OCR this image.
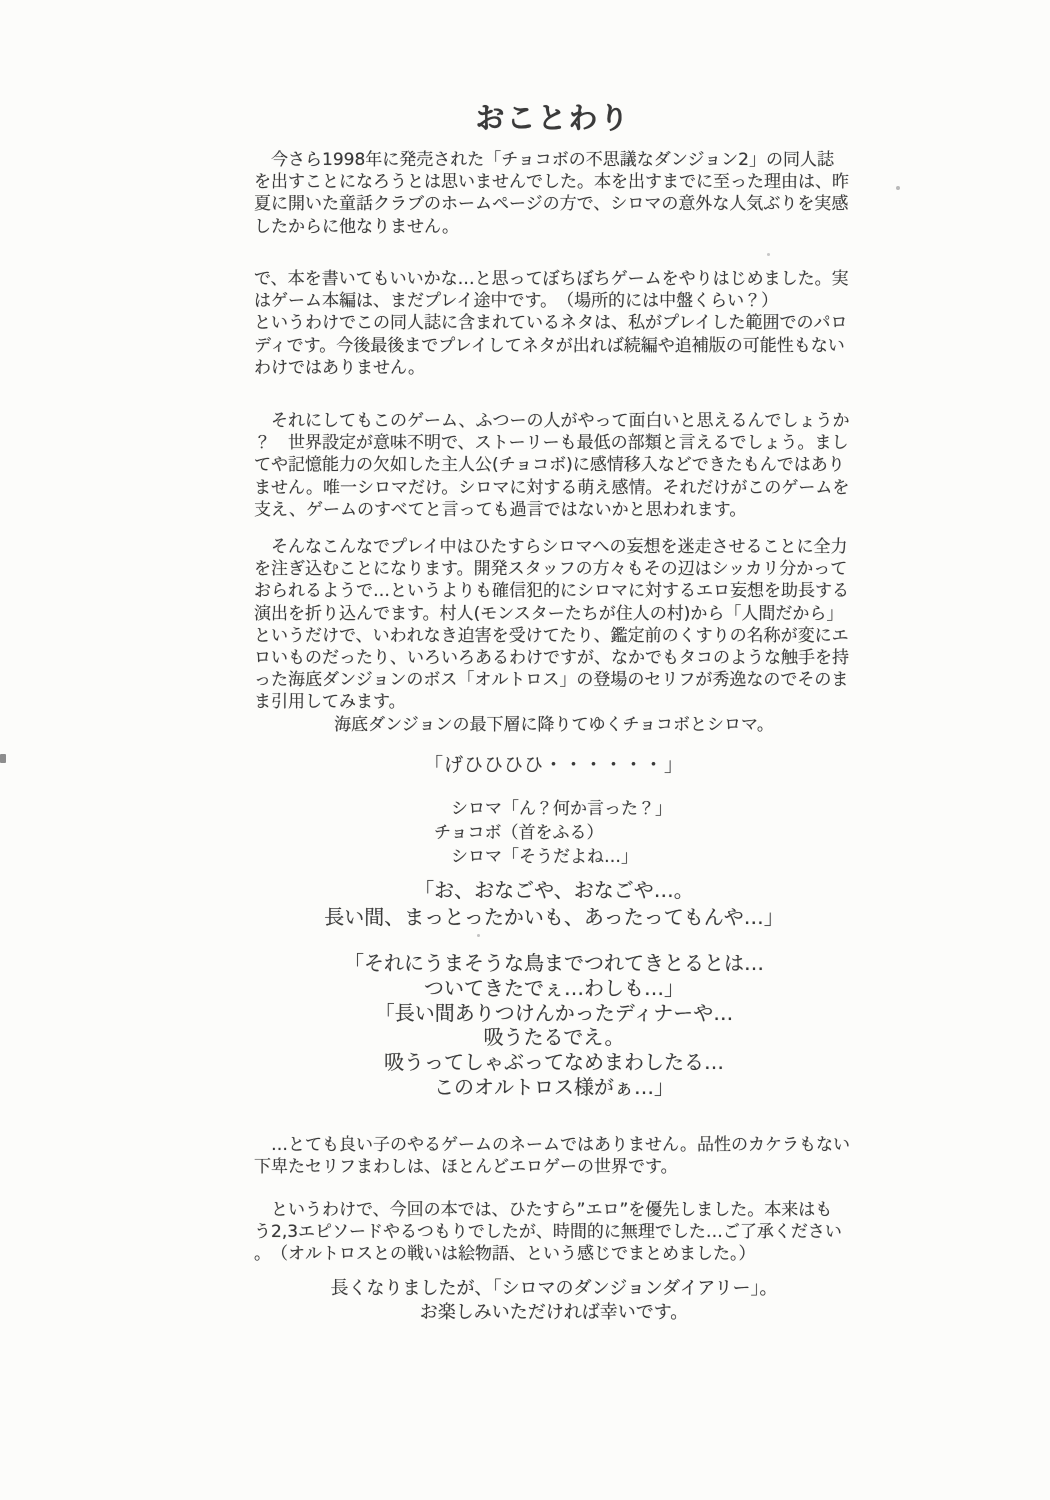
おことわり
　今さら1998年に発売された「チョコボの不思議なダンジョン2」の同人誌
を出すことになろうとは思いませんでした。本を出すまでに至った理由は、昨
夏に開いた童話クラブのホームページの方で、シロマの意外な人気ぶりを実感
したからに他なりません。
で、本を書いてもいいかな…と思ってぼちぼちゲームをやりはじめました。実
はゲーム本編は、まだプレイ途中です。　（場所的には中盤くらい？）
というわけでこの同人誌に含まれているネタは、私がプレイした範囲でのパロ
ディです。今後最後までプレイしてネタが出れば続編や追補版の可能性もない
わけではありません。
　それにしてもこのゲーム、ふつーの人がやって面白いと思えるんでしょうか
？　世界設定が意味不明で、ストーリーも最低の部類と言えるでしょう。まし
てや記憶能力の欠如した主人公(チョコボ)に感情移入などできたもんではあり
ません。唯一シロマだけ。シロマに対する萌え感情。それだけがこのゲームを
支え、ゲームのすべてと言っても過言ではないかと思われます。
　そんなこんなでプレイ中はひたすらシロマへの妄想を迷走させることに全力
を注ぎ込むことになります。開発スタッフの方々もその辺はシッカリ分かって
おられるようで…というよりも確信犯的にシロマに対するエロ妄想を助長する
演出を折り込んでます。村人(モンスターたちが住人の村)から「人間だから」
というだけで、いわれなき迫害を受けてたり、鑑定前のくすりの名称が変にエ
ロいものだったり、いろいろあるわけですが、なかでもタコのような触手を持
った海底ダンジョンのボス「オルトロス」の登場のセリフが秀逸なのでそのま
ま引用してみます。
海底ダンジョンの最下層に降りてゆくチョコボとシロマ。
「げひひひひ・・・・・・」
　シロマ「ん？何か言った？」
チョコボ（首をふる）
　シロマ「そうだよね…」
「お、おなごや、おなごや…。
長い間、まっとったかいも、あったってもんや…」
「それにうまそうな鳥までつれてきとるとは…
ついてきたでぇ…わしも…」
「長い間ありつけんかったディナーや…
吸うたるでえ。
吸うってしゃぶってなめまわしたる…
このオルトロス様がぁ…」
　…とても良い子のやるゲームのネームではありません。品性のカケラもない
下卑たセリフまわしは、ほとんどエロゲーの世界です。
　というわけで、今回の本では、ひたすら”エロ”を優先しました。本来はも
う2,3エピソードやるつもりでしたが、時間的に無理でした…ご了承ください
。　（オルトロスとの戦いは絵物語、という感じでまとめました。）
長くなりましたが、「シロマのダンジョンダイアリー」。
お楽しみいただければ幸いです。
